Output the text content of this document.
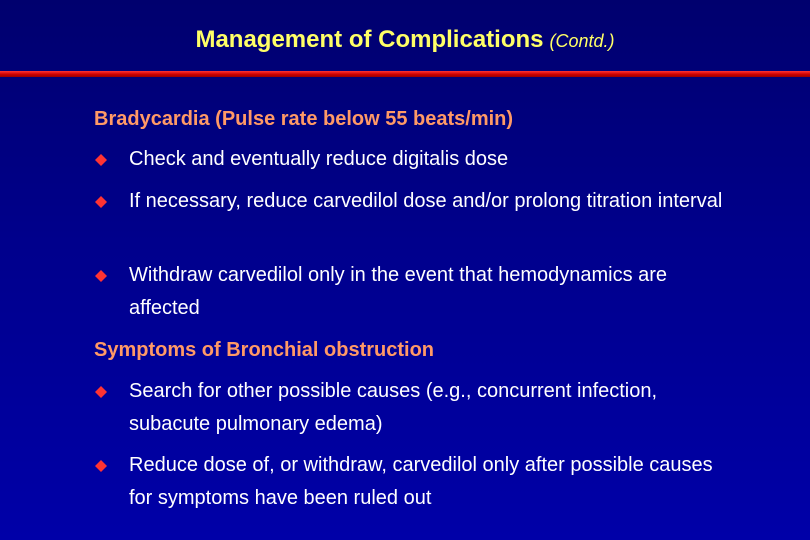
Management of Complications (Contd.)
Bradycardia (Pulse rate below 55 beats/min)
Check and eventually reduce digitalis dose
If necessary, reduce carvedilol dose and/or prolong titration interval
Withdraw carvedilol only in the event that hemodynamics are affected
Symptoms of Bronchial obstruction
Search for other possible causes (e.g., concurrent infection, subacute pulmonary edema)
Reduce dose of, or withdraw, carvedilol only after possible causes for symptoms have been ruled out
